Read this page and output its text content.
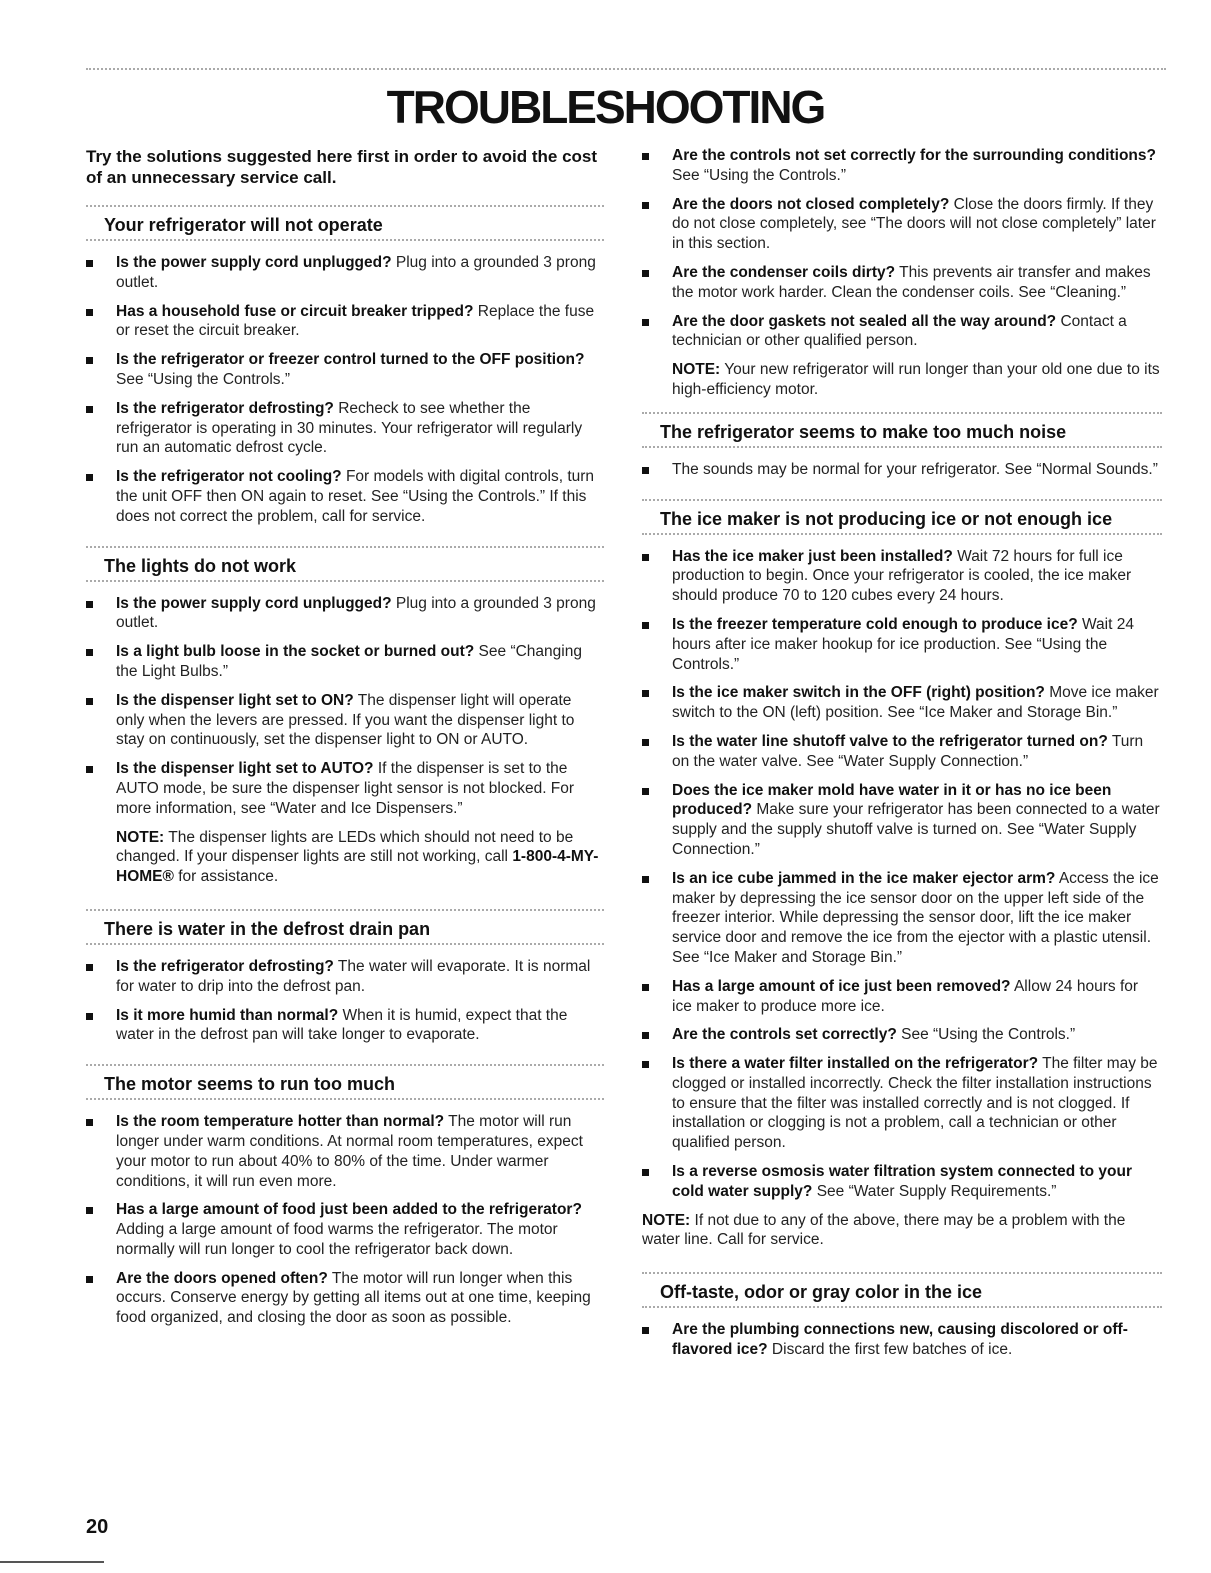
TROUBLESHOOTING

Try the solutions suggested here first in order to avoid the cost of an unnecessary service call.

Your refrigerator will not operate
Is the power supply cord unplugged? Plug into a grounded 3 prong outlet.
Has a household fuse or circuit breaker tripped? Replace the fuse or reset the circuit breaker.
Is the refrigerator or freezer control turned to the OFF position? See “Using the Controls.”
Is the refrigerator defrosting? Recheck to see whether the refrigerator is operating in 30 minutes. Your refrigerator will regularly run an automatic defrost cycle.
Is the refrigerator not cooling? For models with digital controls, turn the unit OFF then ON again to reset. See “Using the Controls.” If this does not correct the problem, call for service.
The lights do not work
Is the power supply cord unplugged? Plug into a grounded 3 prong outlet.
Is a light bulb loose in the socket or burned out? See “Changing the Light Bulbs.”
Is the dispenser light set to ON? The dispenser light will operate only when the levers are pressed. If you want the dispenser light to stay on continuously, set the dispenser light to ON or AUTO.
Is the dispenser light set to AUTO? If the dispenser is set to the AUTO mode, be sure the dispenser light sensor is not blocked. For more information, see “Water and Ice Dispensers.”

NOTE: The dispenser lights are LEDs which should not need to be changed. If your dispenser lights are still not working, call 1-800-4-MY-HOME® for assistance.

There is water in the defrost drain pan
Is the refrigerator defrosting? The water will evaporate. It is normal for water to drip into the defrost pan.
Is it more humid than normal? When it is humid, expect that the water in the defrost pan will take longer to evaporate.
The motor seems to run too much
Is the room temperature hotter than normal? The motor will run longer under warm conditions. At normal room temperatures, expect your motor to run about 40% to 80% of the time. Under warmer conditions, it will run even more.
Has a large amount of food just been added to the refrigerator? Adding a large amount of food warms the refrigerator. The motor normally will run longer to cool the refrigerator back down.
Are the doors opened often? The motor will run longer when this occurs. Conserve energy by getting all items out at one time, keeping food organized, and closing the door as soon as possible.
Are the controls not set correctly for the surrounding conditions? See “Using the Controls.”
Are the doors not closed completely? Close the doors firmly. If they do not close completely, see “The doors will not close completely” later in this section.
Are the condenser coils dirty? This prevents air transfer and makes the motor work harder. Clean the condenser coils. See “Cleaning.”
Are the door gaskets not sealed all the way around? Contact a technician or other qualified person.

NOTE: Your new refrigerator will run longer than your old one due to its high-efficiency motor.

The refrigerator seems to make too much noise
The sounds may be normal for your refrigerator. See “Normal Sounds.”
The ice maker is not producing ice or not enough ice
Has the ice maker just been installed? Wait 72 hours for full ice production to begin. Once your refrigerator is cooled, the ice maker should produce 70 to 120 cubes every 24 hours.
Is the freezer temperature cold enough to produce ice? Wait 24 hours after ice maker hookup for ice production. See “Using the Controls.”
Is the ice maker switch in the OFF (right) position? Move ice maker switch to the ON (left) position. See “Ice Maker and Storage Bin.”
Is the water line shutoff valve to the refrigerator turned on? Turn on the water valve. See “Water Supply Connection.”
Does the ice maker mold have water in it or has no ice been produced? Make sure your refrigerator has been connected to a water supply and the supply shutoff valve is turned on. See “Water Supply Connection.”
Is an ice cube jammed in the ice maker ejector arm? Access the ice maker by depressing the ice sensor door on the upper left side of the freezer interior. While depressing the sensor door, lift the ice maker service door and remove the ice from the ejector with a plastic utensil. See “Ice Maker and Storage Bin.”
Has a large amount of ice just been removed? Allow 24 hours for ice maker to produce more ice.
Are the controls set correctly? See “Using the Controls.”
Is there a water filter installed on the refrigerator? The filter may be clogged or installed incorrectly. Check the filter installation instructions to ensure that the filter was installed correctly and is not clogged. If installation or clogging is not a problem, call a technician or other qualified person.
Is a reverse osmosis water filtration system connected to your cold water supply? See “Water Supply Requirements.”

NOTE: If not due to any of the above, there may be a problem with the water line. Call for service.

Off-taste, odor or gray color in the ice
Are the plumbing connections new, causing discolored or off-flavored ice? Discard the first few batches of ice.
20
